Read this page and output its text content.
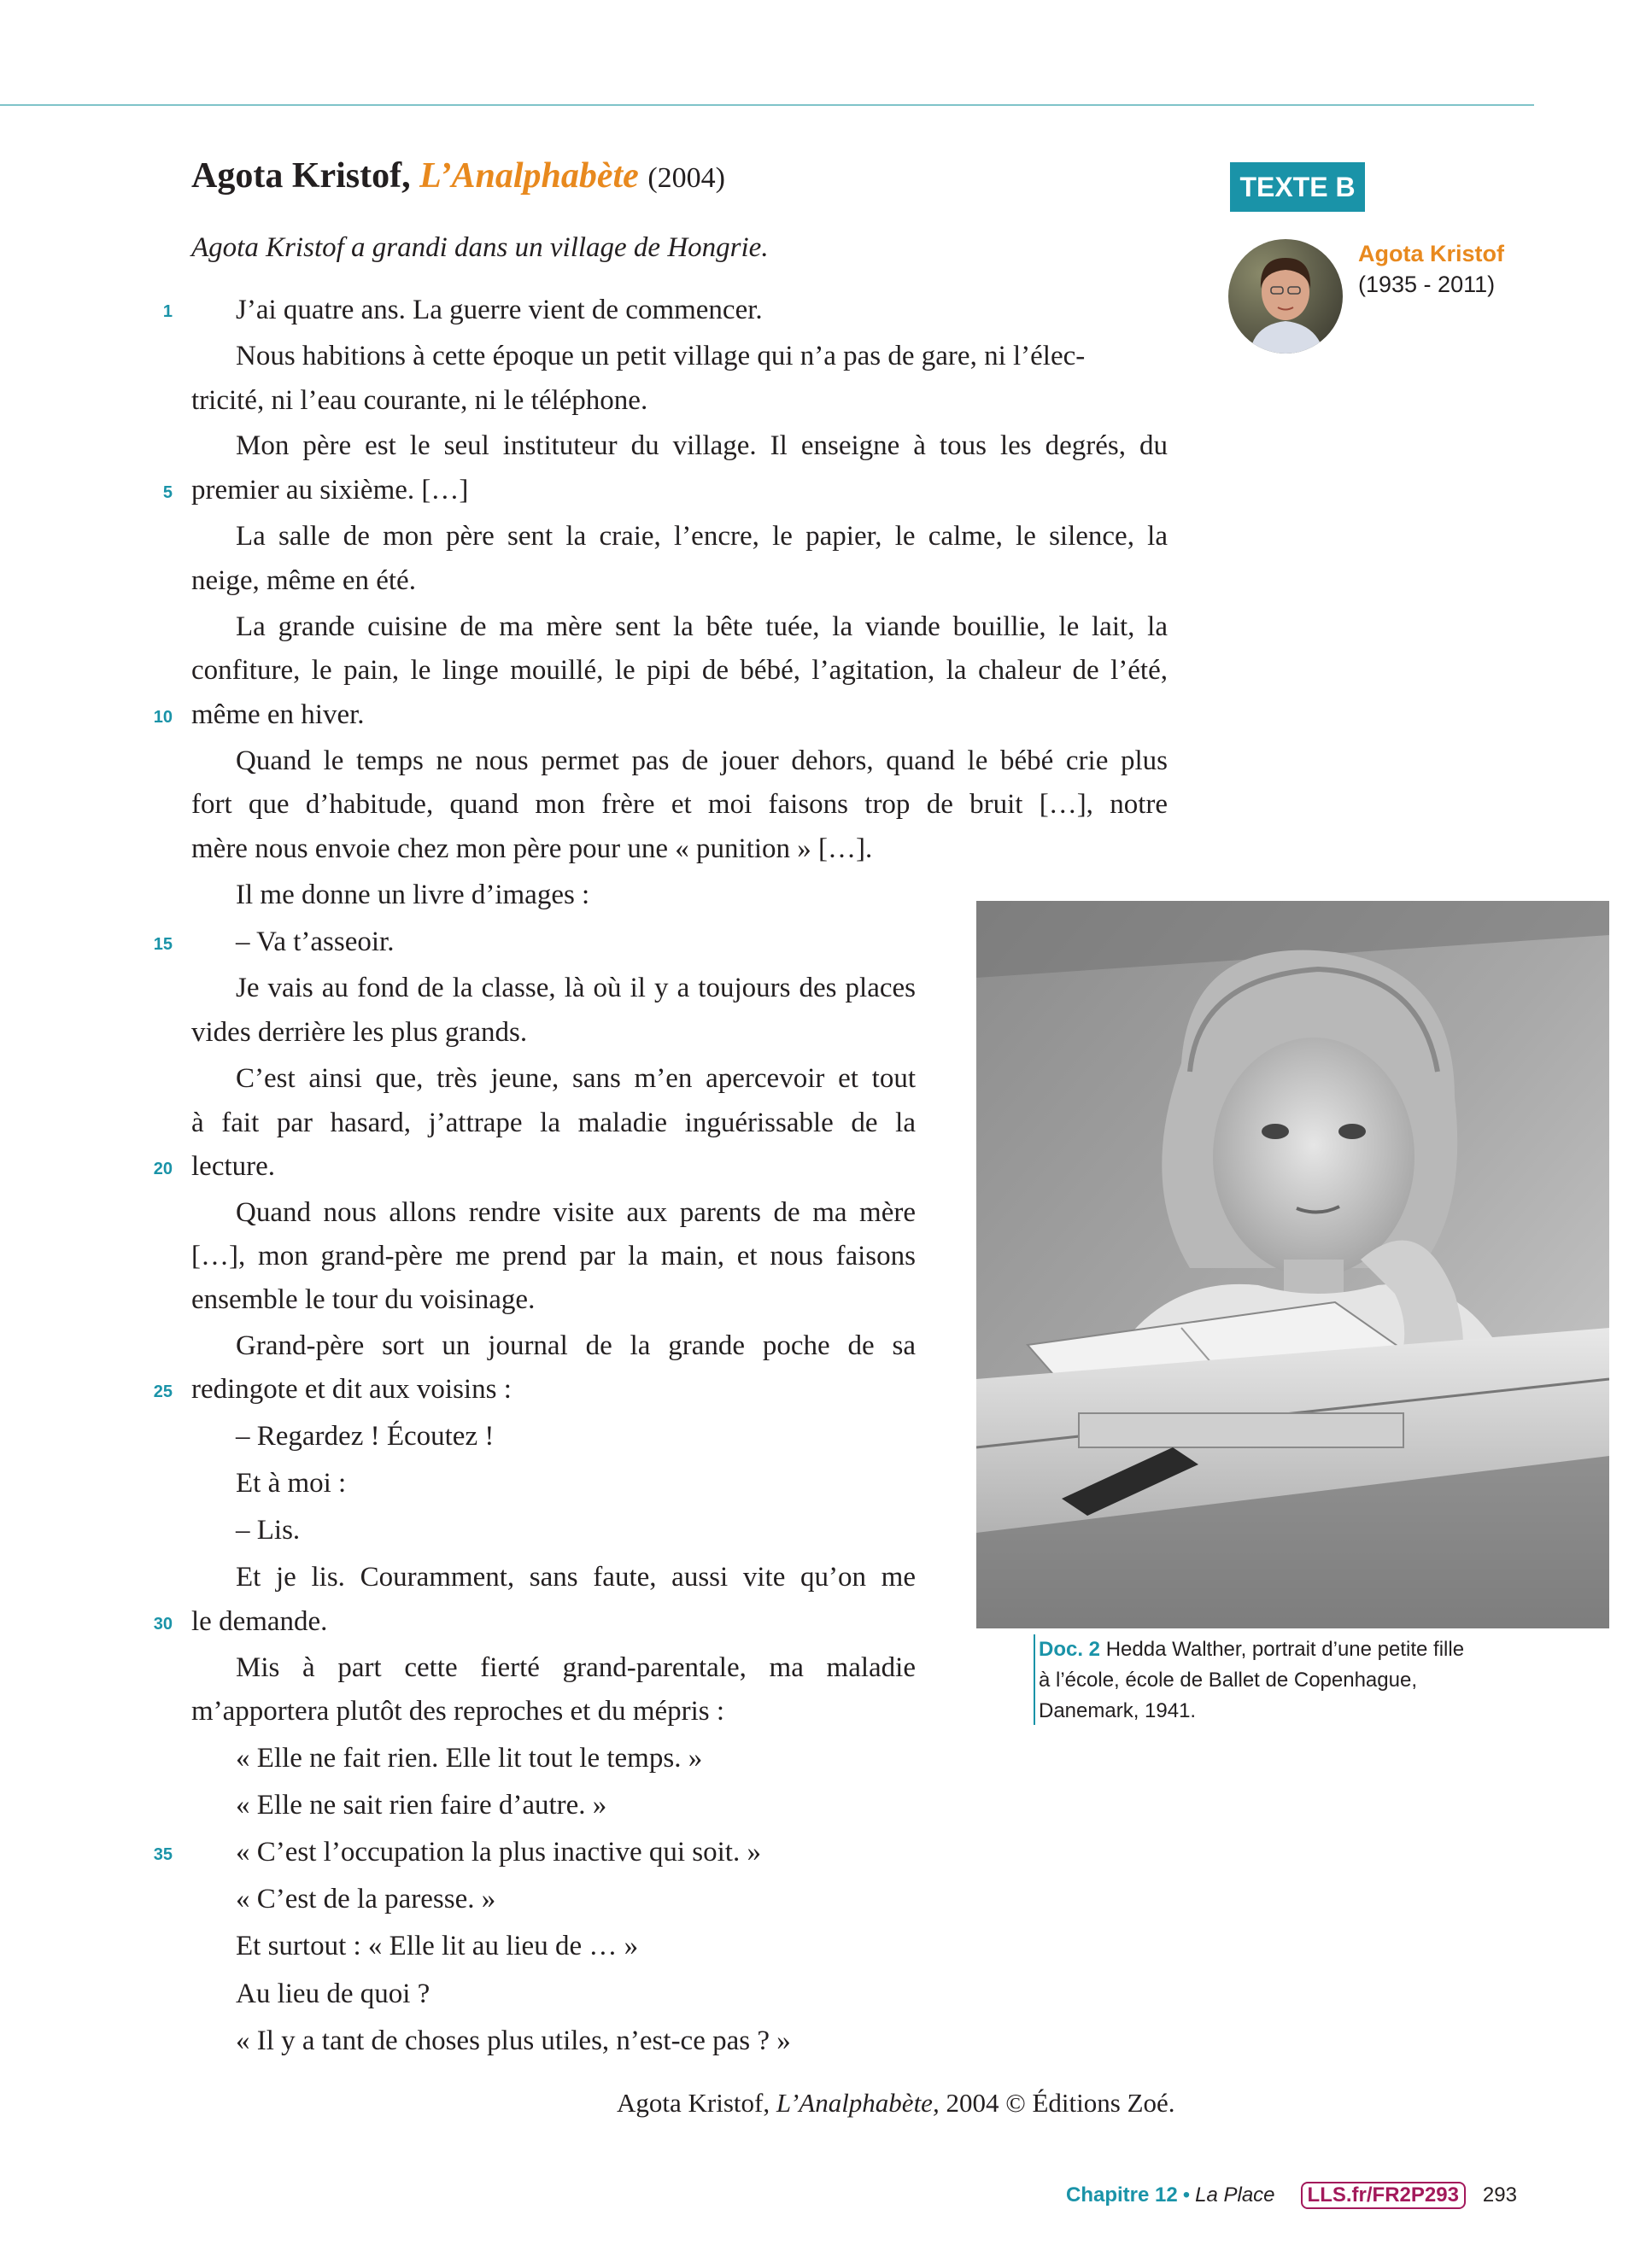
Agota Kristof, L’Analphabète (2004)	TEXTE B
Agota Kristof
(1935 - 2011)
Agota Kristof a grandi dans un village de Hongrie.
J’ai quatre ans. La guerre vient de commencer.
Nous habitions à cette époque un petit village qui n’a pas de gare, ni l’élec-
tricité, ni l’eau courante, ni le téléphone.
Mon père est le seul instituteur du village. Il enseigne à tous les degrés, du
premier au sixième. […]
La salle de mon père sent la craie, l’encre, le papier, le calme, le silence, la
neige, même en été.
La grande cuisine de ma mère sent la bête tuée, la viande bouillie, le lait, la
confiture, le pain, le linge mouillé, le pipi de bébé, l’agitation, la chaleur de l’été,
même en hiver.
Quand le temps ne nous permet pas de jouer dehors, quand le bébé crie plus
fort que d’habitude, quand mon frère et moi faisons trop de bruit […], notre
mère nous envoie chez mon père pour une « punition » […].
Il me donne un livre d’images :
– Va t’asseoir.
Je vais au fond de la classe, là où il y a toujours des places
vides derrière les plus grands.
C’est ainsi que, très jeune, sans m’en apercevoir et tout
à fait par hasard, j’attrape la maladie inguérissable de la
lecture.
Quand nous allons rendre visite aux parents de ma mère
[…], mon grand-père me prend par la main, et nous faisons
ensemble le tour du voisinage.
Grand-père sort un journal de la grande poche de sa
redingote et dit aux voisins :
– Regardez ! Écoutez !
Et à moi :
– Lis.
Et je lis. Couramment, sans faute, aussi vite qu’on me
le demande.
Mis à part cette fierté grand-parentale, ma maladie
m’apportera plutôt des reproches et du mépris :
« Elle ne fait rien. Elle lit tout le temps. »
« Elle ne sait rien faire d’autre. »
« C’est l’occupation la plus inactive qui soit. »
« C’est de la paresse. »
Et surtout : « Elle lit au lieu de … »
Au lieu de quoi ?
« Il y a tant de choses plus utiles, n’est-ce pas ? »
1
5
10
15
20
25
30
35
Doc. 2 Hedda Walther, portrait d’une petite fille
à l’école, école de Ballet de Copenhague,
Danemark, 1941.
Agota Kristof, L’Analphabète, 2004 © Éditions Zoé.
Chapitre 12 • La Place	LLS.fr/FR2P293	293
